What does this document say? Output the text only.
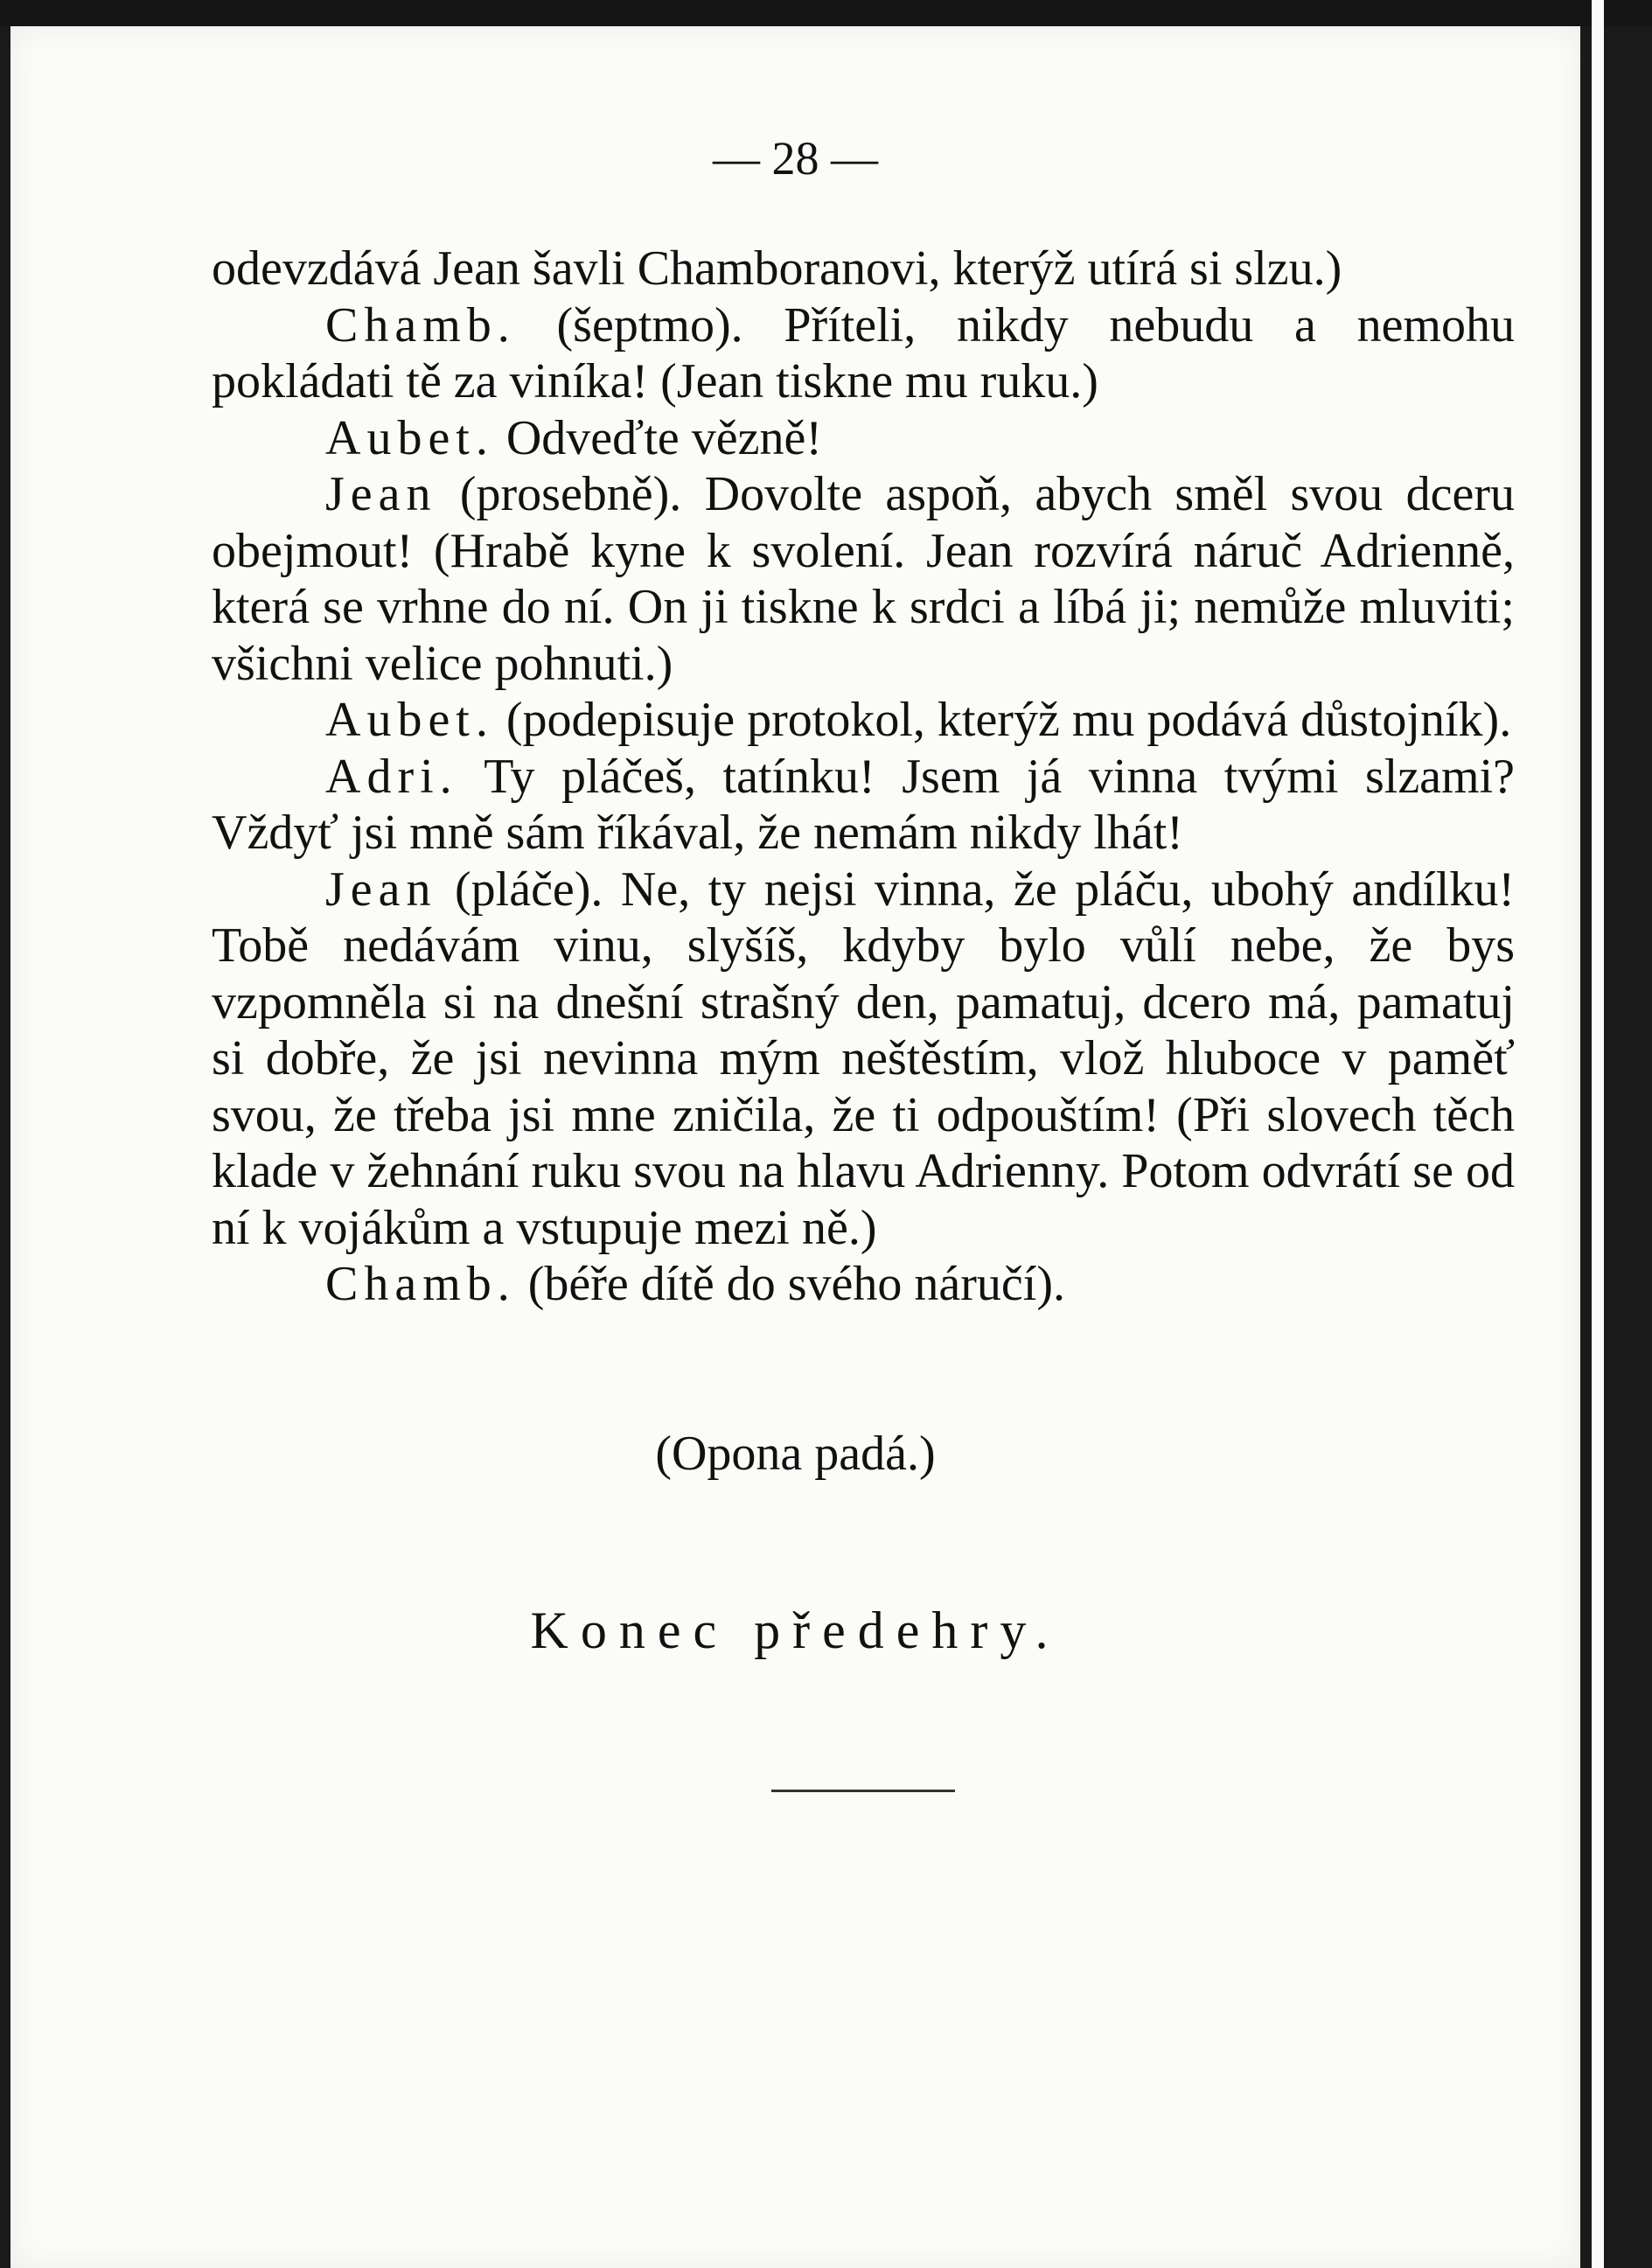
— 28 —

odevzdává Jean šavli Chamboranovi, kterýž utírá si slzu.)

Chamb. (šeptmo). Příteli, nikdy nebudu a nemohu pokládati tě za viníka! (Jean tiskne mu ruku.)

Aubet. Odveďte vězně!

Jean (prosebně). Dovolte aspoň, abych směl svou dceru obejmout! (Hrabě kyne k svolení. Jean rozvírá náruč Adrienně, která se vrhne do ní. On ji tiskne k srdci a líbá ji; nemůže mluviti; všichni velice pohnuti.)

Aubet. (podepisuje protokol, kterýž mu podává důstojník).

Adri. Ty pláčeš, tatínku! Jsem já vinna tvými slzami? Vždyť jsi mně sám říkával, že nemám nikdy lhát!

Jean (pláče). Ne, ty nejsi vinna, že pláču, ubohý andílku! Tobě nedávám vinu, slyšíš, kdyby bylo vůlí nebe, že bys vzpomněla si na dnešní strašný den, pamatuj, dcero má, pamatuj si dobře, že jsi nevinna mým neštěstím, vlož hluboce v paměť svou, že třeba jsi mne zničila, že ti odpouštím! (Při slovech těch klade v žehnání ruku svou na hlavu Adrienny. Potom odvrátí se od ní k vojákům a vstupuje mezi ně.)

Chamb. (béře dítě do svého náručí).

(Opona padá.)
Konec předehry.
